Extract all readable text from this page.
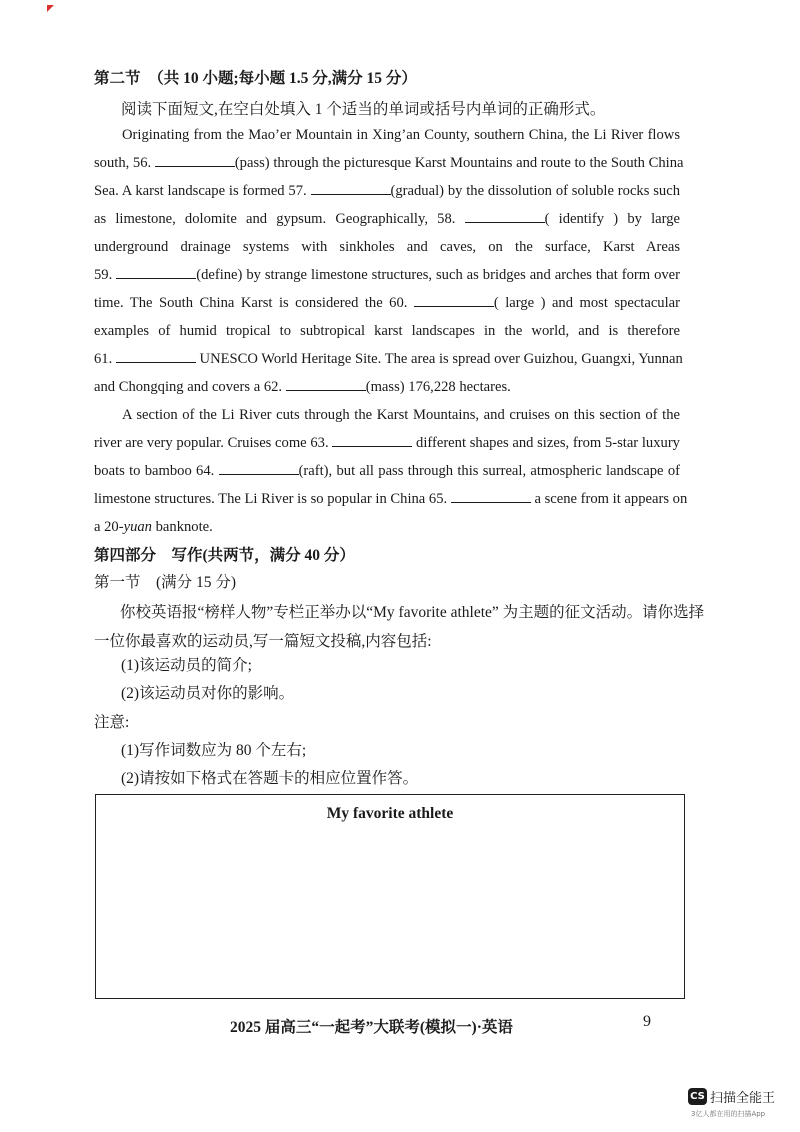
第二节　（共 10 小题;每小题 1.5 分,满分 15 分）
阅读下面短文,在空白处填入 1 个适当的单词或括号内单词的正确形式。

Originating from the Mao’er Mountain in Xing’an County, southern China, the Li River flows
south, 56.	(pass) through the picturesque Karst Mountains and route to the South China
Sea. A karst landscape is formed 57.	(gradual) by the dissolution of soluble rocks such
as limestone, dolomite and gypsum. Geographically, 58.	( identify ) by large
underground drainage systems with sinkholes and caves, on the surface, Karst Areas
59.	(define) by strange limestone structures, such as bridges and arches that form over
time. The South China Karst is considered the 60.	( large ) and most spectacular
examples of humid tropical to subtropical karst landscapes in the world, and is therefore
61.	UNESCO World Heritage Site. The area is spread over Guizhou, Guangxi, Yunnan
and Chongqing and covers a 62.	(mass) 176,228 hectares.

A section of the Li River cuts through the Karst Mountains, and cruises on this section of the
river are very popular. Cruises come 63.	different shapes and sizes, from 5-star luxury
boats to bamboo 64.	(raft), but all pass through this surreal, atmospheric landscape of
limestone structures. The Li River is so popular in China 65.	a scene from it appears on
a 20-yuan banknote.

第四部分　写作(共两节，满分 40 分）
第一节　(满分 15 分)
你校英语报“榜样人物”专栏正举办以“My favorite athlete” 为主题的征文活动。请你选择
一位你最喜欢的运动员,写一篇短文投稿,内容包括:
(1)该运动员的简介;
(2)该运动员对你的影响。
注意:
(1)写作词数应为 80 个左右;
(2)请按如下格式在答题卡的相应位置作答。
My favorite athlete
2025 届高三“一起考”大联考(模拟一)·英语	9
CS 扫描全能王
3亿人都在用的扫描App
